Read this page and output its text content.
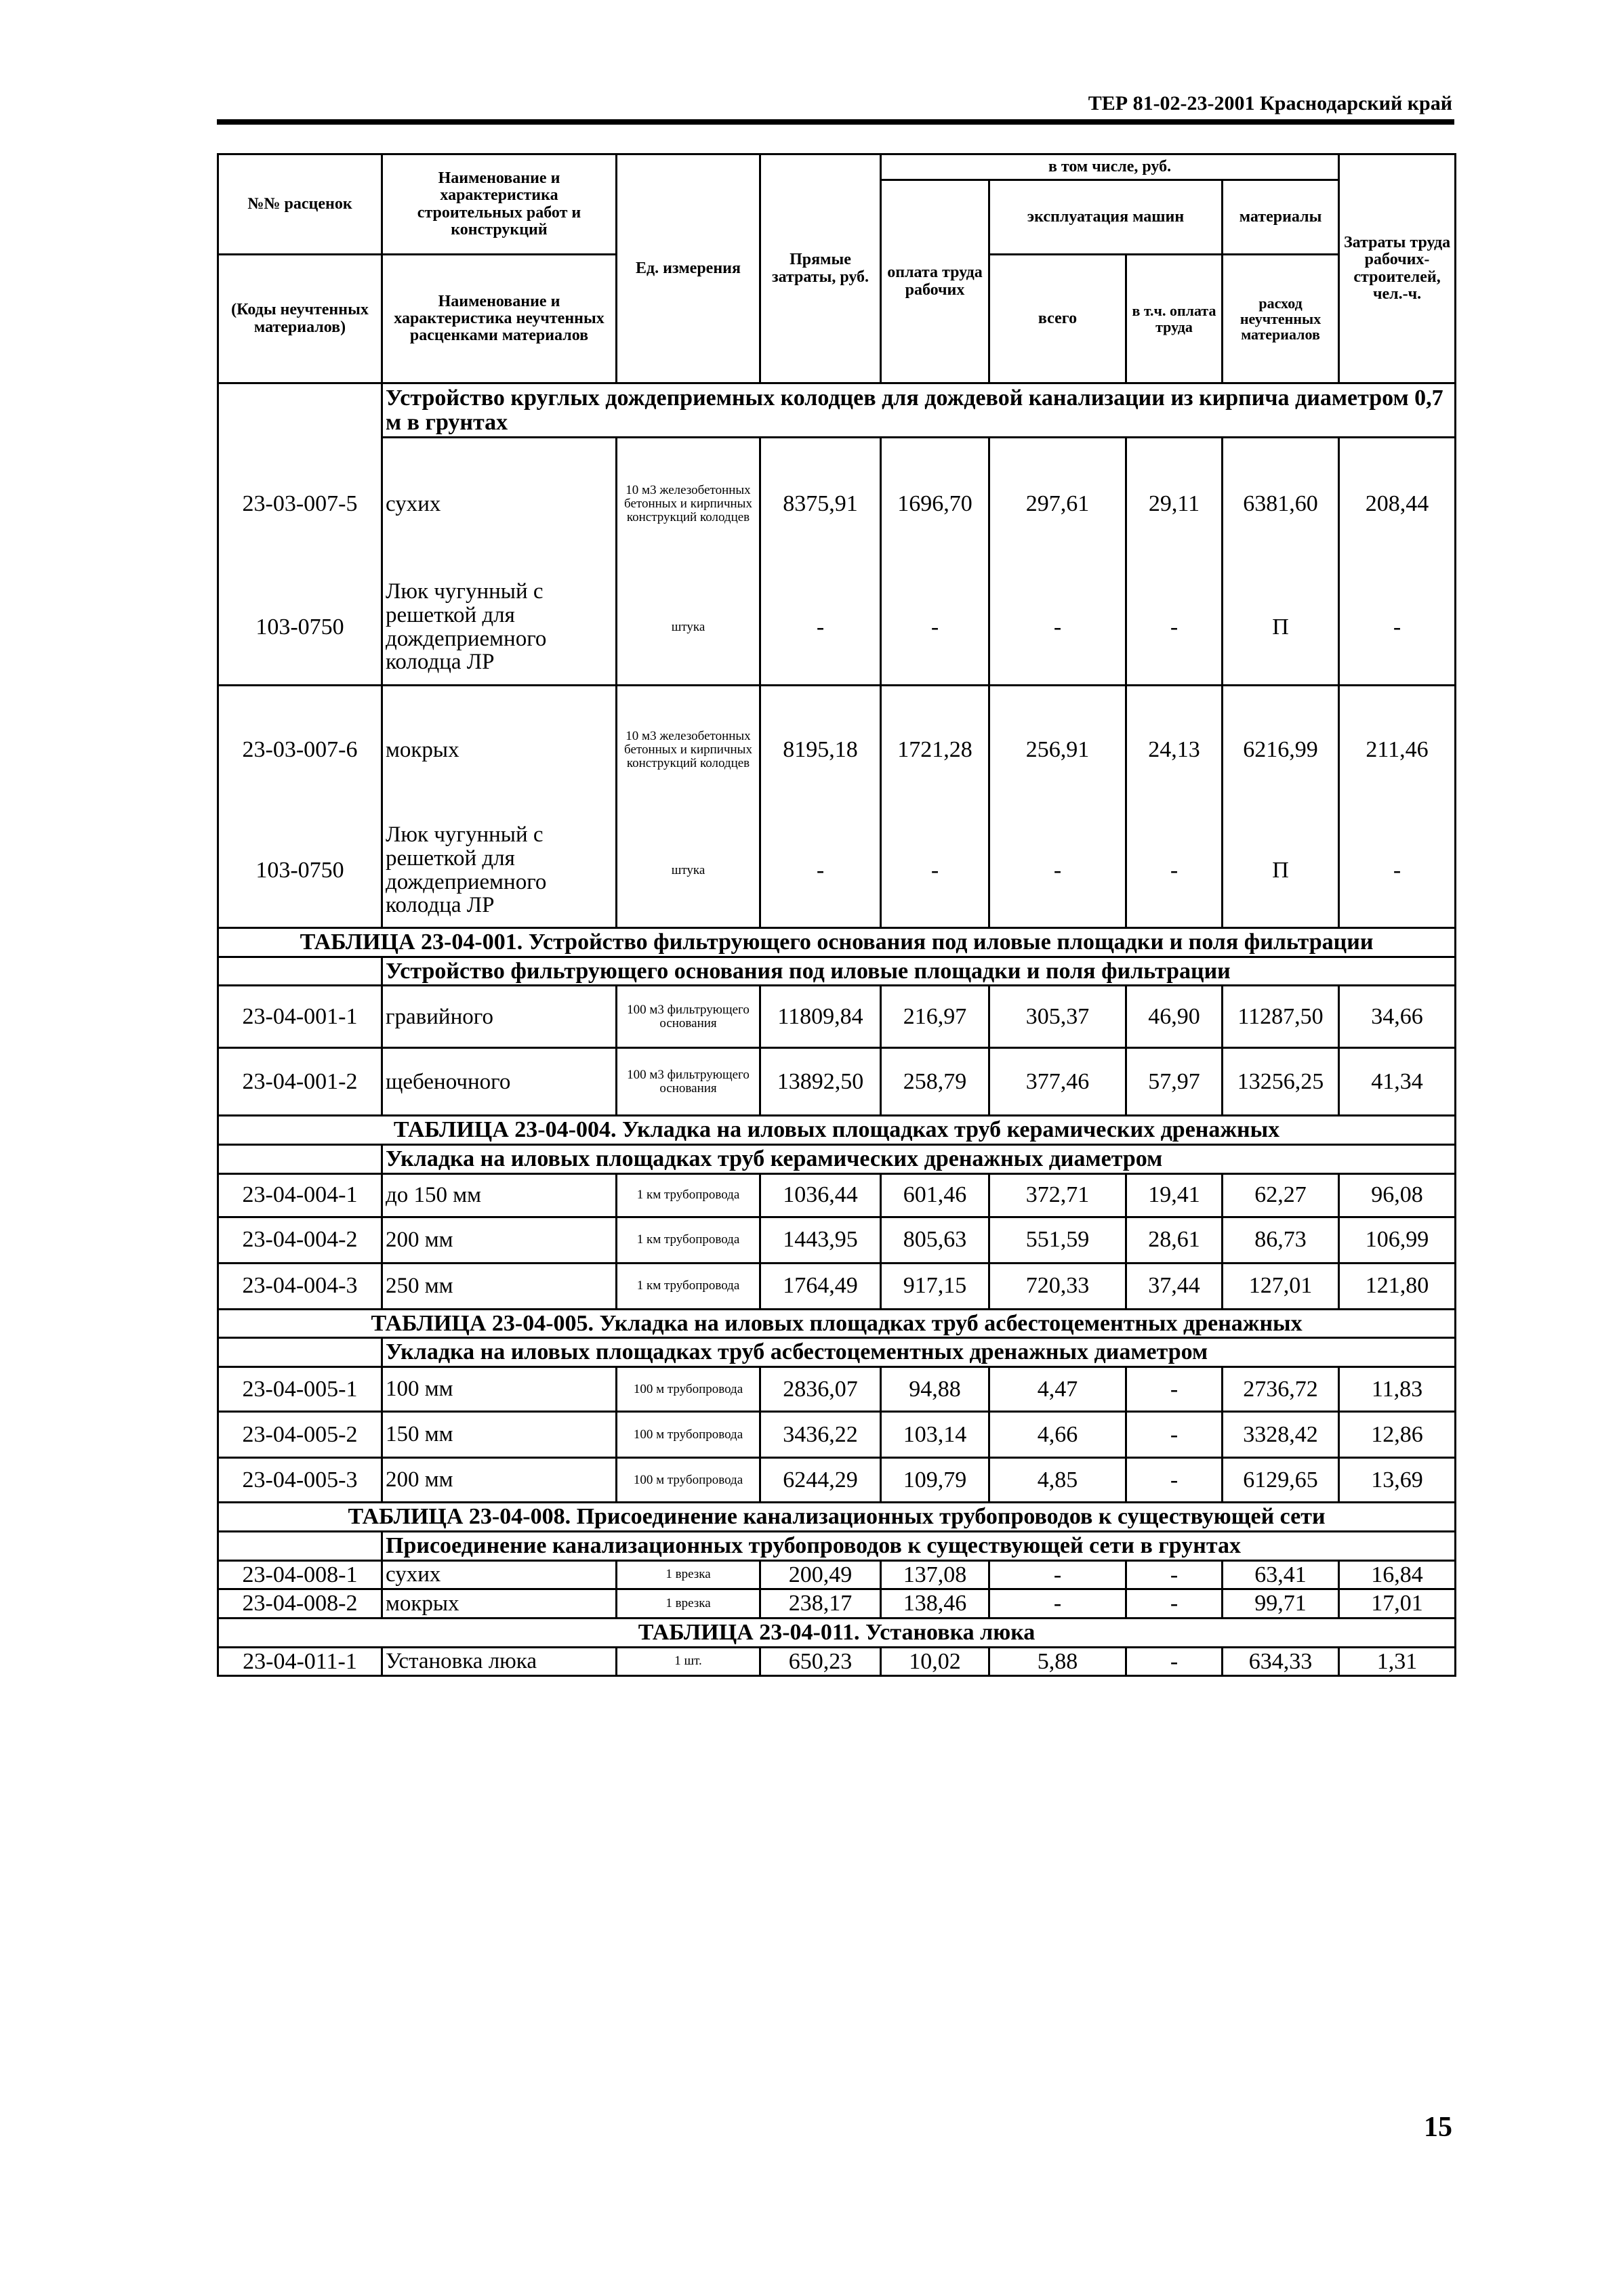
ТЕР 81-02-23-2001 Краснодарский край
№№ расценок	Наименование и характеристика строительных работ и конструкций	Ед. измерения	Прямые затраты, руб.	в том числе, руб.				Затраты труда рабочих-строителей, чел.-ч.
				оплата труда рабочих	эксплуатация машин		материалы	
(Коды неучтенных материалов)	Наименование и характеристика неучтенных расценками материалов				всего	в т.ч. оплата труда	расход неучтенных материалов	

	Устройство круглых дождеприемных колодцев для дождевой канализации из кирпича диаметром 0,7 м в грунтах							
23-03-007-5	сухих	10 м3 железобетонных бетонных и кирпичных конструкций колодцев	8375,91	1696,70	297,61	29,11	6381,60	208,44
103-0750	Люк чугунный с решеткой для дождеприемного колодца ЛР	штука	-	-	-	-	П	-
23-03-007-6	мокрых	10 м3 железобетонных бетонных и кирпичных конструкций колодцев	8195,18	1721,28	256,91	24,13	6216,99	211,46
103-0750	Люк чугунный с решеткой для дождеприемного колодца ЛР	штука	-	-	-	-	П	-
ТАБЛИЦА 23-04-001. Устройство фильтрующего основания под иловые площадки и поля фильтрации								
	Устройство фильтрующего основания под иловые площадки и поля фильтрации							
23-04-001-1	гравийного	100 м3 фильтрующего основания	11809,84	216,97	305,37	46,90	11287,50	34,66
23-04-001-2	щебеночного	100 м3 фильтрующего основания	13892,50	258,79	377,46	57,97	13256,25	41,34
ТАБЛИЦА 23-04-004. Укладка на иловых площадках труб керамических дренажных								
	Укладка на иловых площадках труб керамических дренажных диаметром							
23-04-004-1	до 150 мм	1 км трубопровода	1036,44	601,46	372,71	19,41	62,27	96,08
23-04-004-2	200 мм	1 км трубопровода	1443,95	805,63	551,59	28,61	86,73	106,99
23-04-004-3	250 мм	1 км трубопровода	1764,49	917,15	720,33	37,44	127,01	121,80
ТАБЛИЦА 23-04-005. Укладка на иловых площадках труб асбестоцементных дренажных								
	Укладка на иловых площадках труб асбестоцементных дренажных диаметром							
23-04-005-1	100 мм	100 м трубопровода	2836,07	94,88	4,47	-	2736,72	11,83
23-04-005-2	150 мм	100 м трубопровода	3436,22	103,14	4,66	-	3328,42	12,86
23-04-005-3	200 мм	100 м трубопровода	6244,29	109,79	4,85	-	6129,65	13,69
ТАБЛИЦА 23-04-008. Присоединение канализационных трубопроводов к существующей сети								
	Присоединение канализационных трубопроводов к существующей сети в грунтах							
23-04-008-1	сухих	1 врезка	200,49	137,08	-	-	63,41	16,84
23-04-008-2	мокрых	1 врезка	238,17	138,46	-	-	99,71	17,01
ТАБЛИЦА 23-04-011. Установка люка								
23-04-011-1	Установка люка	1 шт.	650,23	10,02	5,88	-	634,33	1,31
15
